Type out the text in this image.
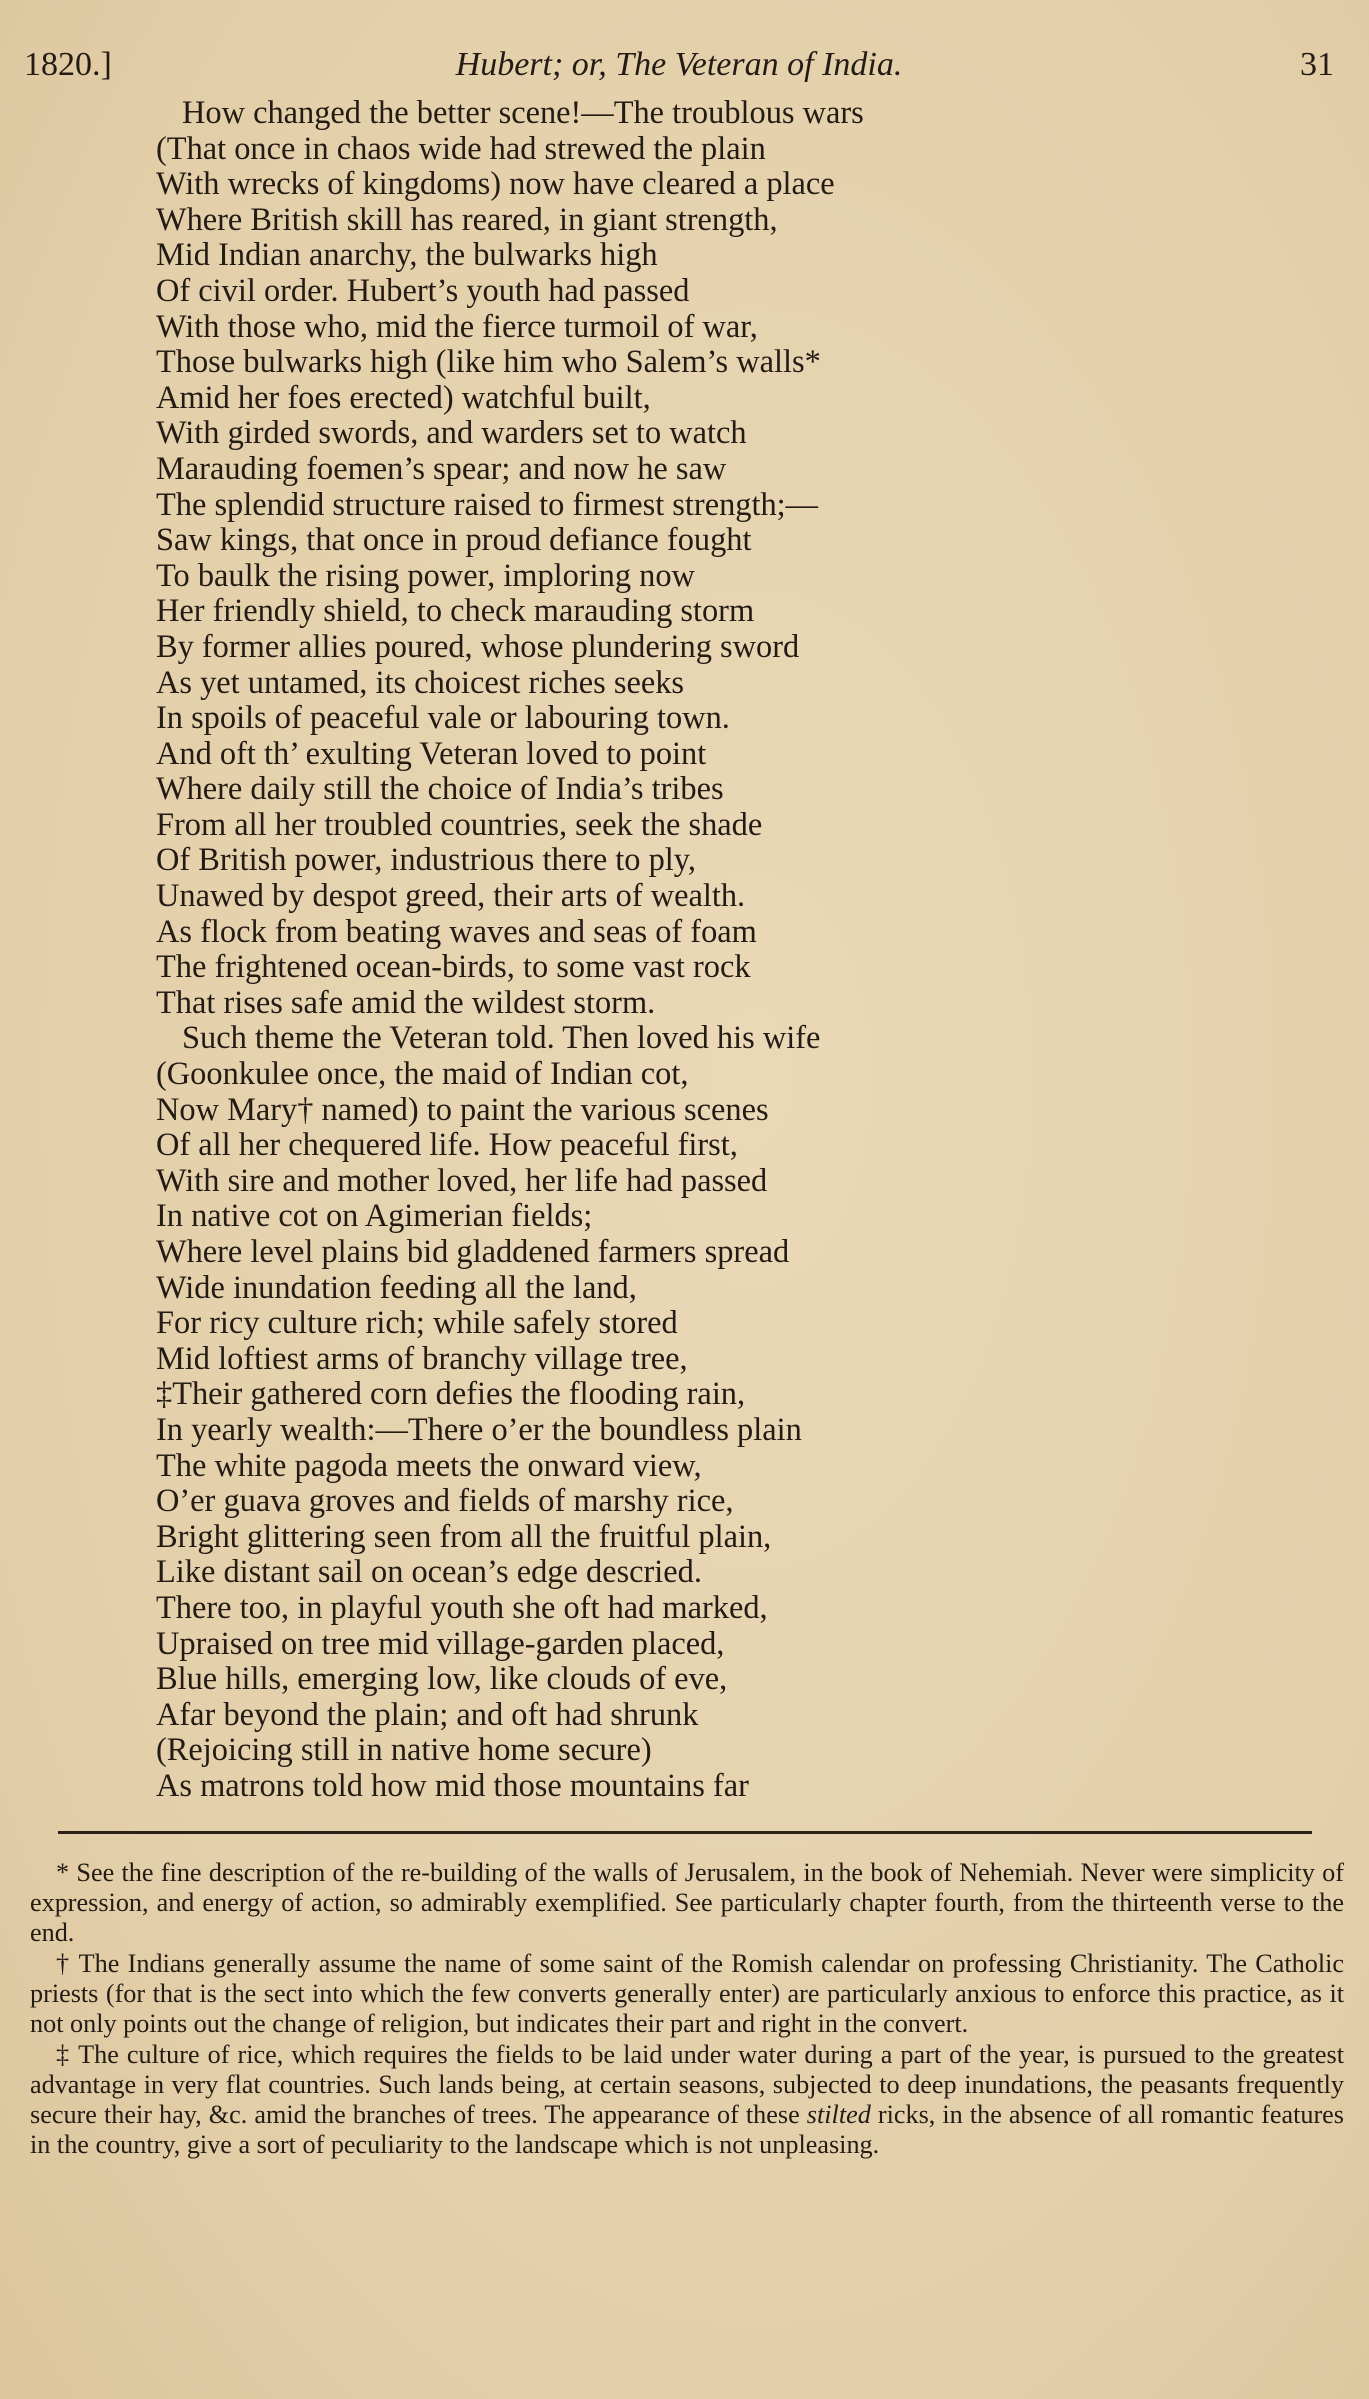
1820.]	Hubert; or, The Veteran of India.	31
How changed the better scene!—The troublous wars
(That once in chaos wide had strewed the plain
With wrecks of kingdoms) now have cleared a place
Where British skill has reared, in giant strength,
Mid Indian anarchy, the bulwarks high
Of civil order. Hubert’s youth had passed
With those who, mid the fierce turmoil of war,
Those bulwarks high (like him who Salem’s walls*
Amid her foes erected) watchful built,
With girded swords, and warders set to watch
Marauding foemen’s spear; and now he saw
The splendid structure raised to firmest strength;—
Saw kings, that once in proud defiance fought
To baulk the rising power, imploring now
Her friendly shield, to check marauding storm
By former allies poured, whose plundering sword
As yet untamed, its choicest riches seeks
In spoils of peaceful vale or labouring town.
And oft th’ exulting Veteran loved to point
Where daily still the choice of India’s tribes
From all her troubled countries, seek the shade
Of British power, industrious there to ply,
Unawed by despot greed, their arts of wealth.
As flock from beating waves and seas of foam
The frightened ocean-birds, to some vast rock
That rises safe amid the wildest storm.
Such theme the Veteran told. Then loved his wife
(Goonkulee once, the maid of Indian cot,
Now Mary† named) to paint the various scenes
Of all her chequered life. How peaceful first,
With sire and mother loved, her life had passed
In native cot on Agimerian fields;
Where level plains bid gladdened farmers spread
Wide inundation feeding all the land,
For ricy culture rich; while safely stored
Mid loftiest arms of branchy village tree,
‡Their gathered corn defies the flooding rain,
In yearly wealth:—There o’er the boundless plain
The white pagoda meets the onward view,
O’er guava groves and fields of marshy rice,
Bright glittering seen from all the fruitful plain,
Like distant sail on ocean’s edge descried.
There too, in playful youth she oft had marked,
Upraised on tree mid village-garden placed,
Blue hills, emerging low, like clouds of eve,
Afar beyond the plain; and oft had shrunk
(Rejoicing still in native home secure)
As matrons told how mid those mountains far

* See the fine description of the re-building of the walls of Jerusalem, in the book of Nehemiah. Never were simplicity of expression, and energy of action, so admirably exemplified. See particularly chapter fourth, from the thirteenth verse to the end.

† The Indians generally assume the name of some saint of the Romish calendar on professing Christianity. The Catholic priests (for that is the sect into which the few converts generally enter) are particularly anxious to enforce this practice, as it not only points out the change of religion, but indicates their part and right in the convert.

‡ The culture of rice, which requires the fields to be laid under water during a part of the year, is pursued to the greatest advantage in very flat countries. Such lands being, at certain seasons, subjected to deep inundations, the peasants frequently secure their hay, &c. amid the branches of trees. The appearance of these stilted ricks, in the absence of all romantic features in the country, give a sort of peculiarity to the landscape which is not unpleasing.
